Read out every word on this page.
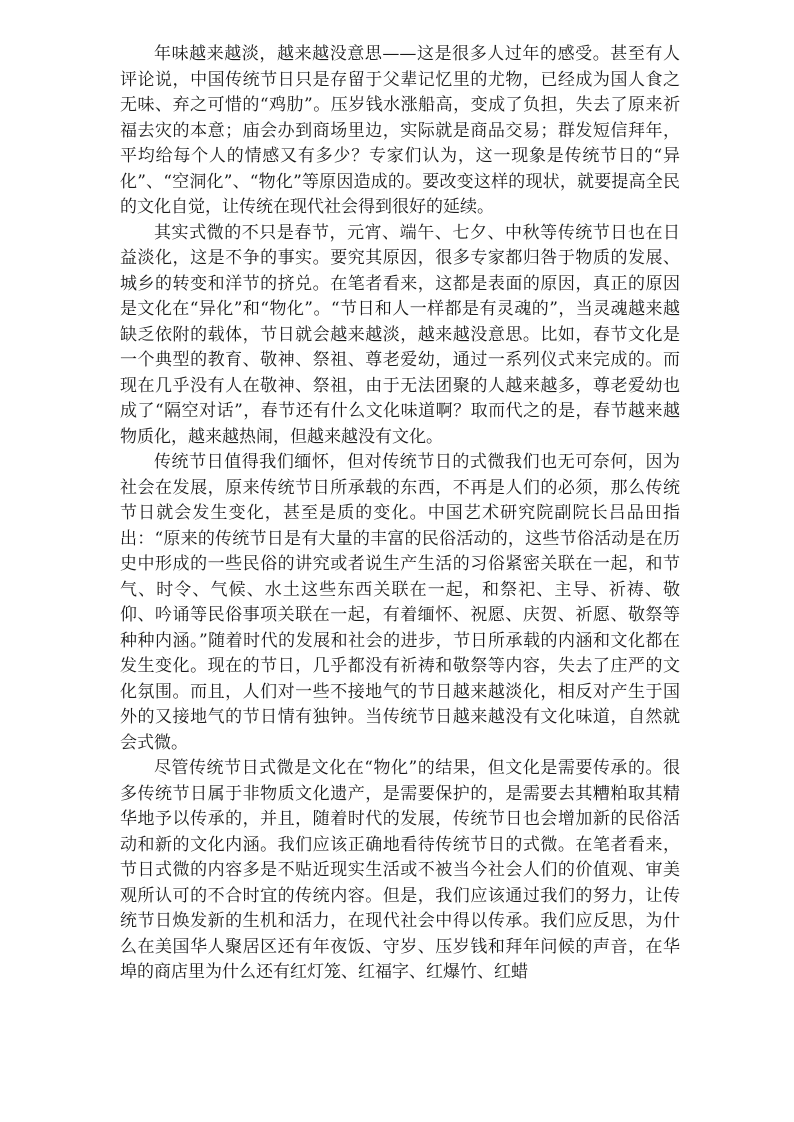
年味越来越淡，越来越没意思——这是很多人过年的感受。甚至有人评论说，中国传统节日只是存留于父辈记忆里的尤物，已经成为国人食之无味、弃之可惜的“鸡肋”。压岁钱水涨船高，变成了负担，失去了原来祈福去灾的本意；庙会办到商场里边，实际就是商品交易；群发短信拜年，平均给每个人的情感又有多少？专家们认为，这一现象是传统节日的“异化”、“空洞化”、“物化”等原因造成的。要改变这样的现状，就要提高全民的文化自觉，让传统在现代社会得到很好的延续。

其实式微的不只是春节，元宵、端午、七夕、中秋等传统节日也在日益淡化，这是不争的事实。要究其原因，很多专家都归咎于物质的发展、城乡的转变和洋节的挤兑。在笔者看来，这都是表面的原因，真正的原因是文化在“异化”和“物化”。“节日和人一样都是有灵魂的”，当灵魂越来越缺乏依附的载体，节日就会越来越淡，越来越没意思。比如，春节文化是一个典型的教育、敬神、祭祖、尊老爱幼，通过一系列仪式来完成的。而现在几乎没有人在敬神、祭祖，由于无法团聚的人越来越多，尊老爱幼也成了“隔空对话”，春节还有什么文化味道啊？取而代之的是，春节越来越物质化，越来越热闹，但越来越没有文化。

传统节日值得我们缅怀，但对传统节日的式微我们也无可奈何，因为社会在发展，原来传统节日所承载的东西，不再是人们的必须，那么传统节日就会发生变化，甚至是质的变化。中国艺术研究院副院长吕品田指出：“原来的传统节日是有大量的丰富的民俗活动的，这些节俗活动是在历史中形成的一些民俗的讲究或者说生产生活的习俗紧密关联在一起，和节气、时令、气候、水土这些东西关联在一起，和祭祀、主导、祈祷、敬仰、吟诵等民俗事项关联在一起，有着缅怀、祝愿、庆贺、祈愿、敬祭等种种内涵。”随着时代的发展和社会的进步，节日所承载的内涵和文化都在发生变化。现在的节日，几乎都没有祈祷和敬祭等内容，失去了庄严的文化氛围。而且，人们对一些不接地气的节日越来越淡化，相反对产生于国外的又接地气的节日情有独钟。当传统节日越来越没有文化味道，自然就会式微。

尽管传统节日式微是文化在“物化”的结果，但文化是需要传承的。很多传统节日属于非物质文化遗产，是需要保护的，是需要去其糟粕取其精华地予以传承的，并且，随着时代的发展，传统节日也会增加新的民俗活动和新的文化内涵。我们应该正确地看待传统节日的式微。在笔者看来，节日式微的内容多是不贴近现实生活或不被当今社会人们的价值观、审美观所认可的不合时宜的传统内容。但是，我们应该通过我们的努力，让传统节日焕发新的生机和活力，在现代社会中得以传承。我们应反思，为什么在美国华人聚居区还有年夜饭、守岁、压岁钱和拜年问候的声音，在华埠的商店里为什么还有红灯笼、红福字、红爆竹、红蜡
